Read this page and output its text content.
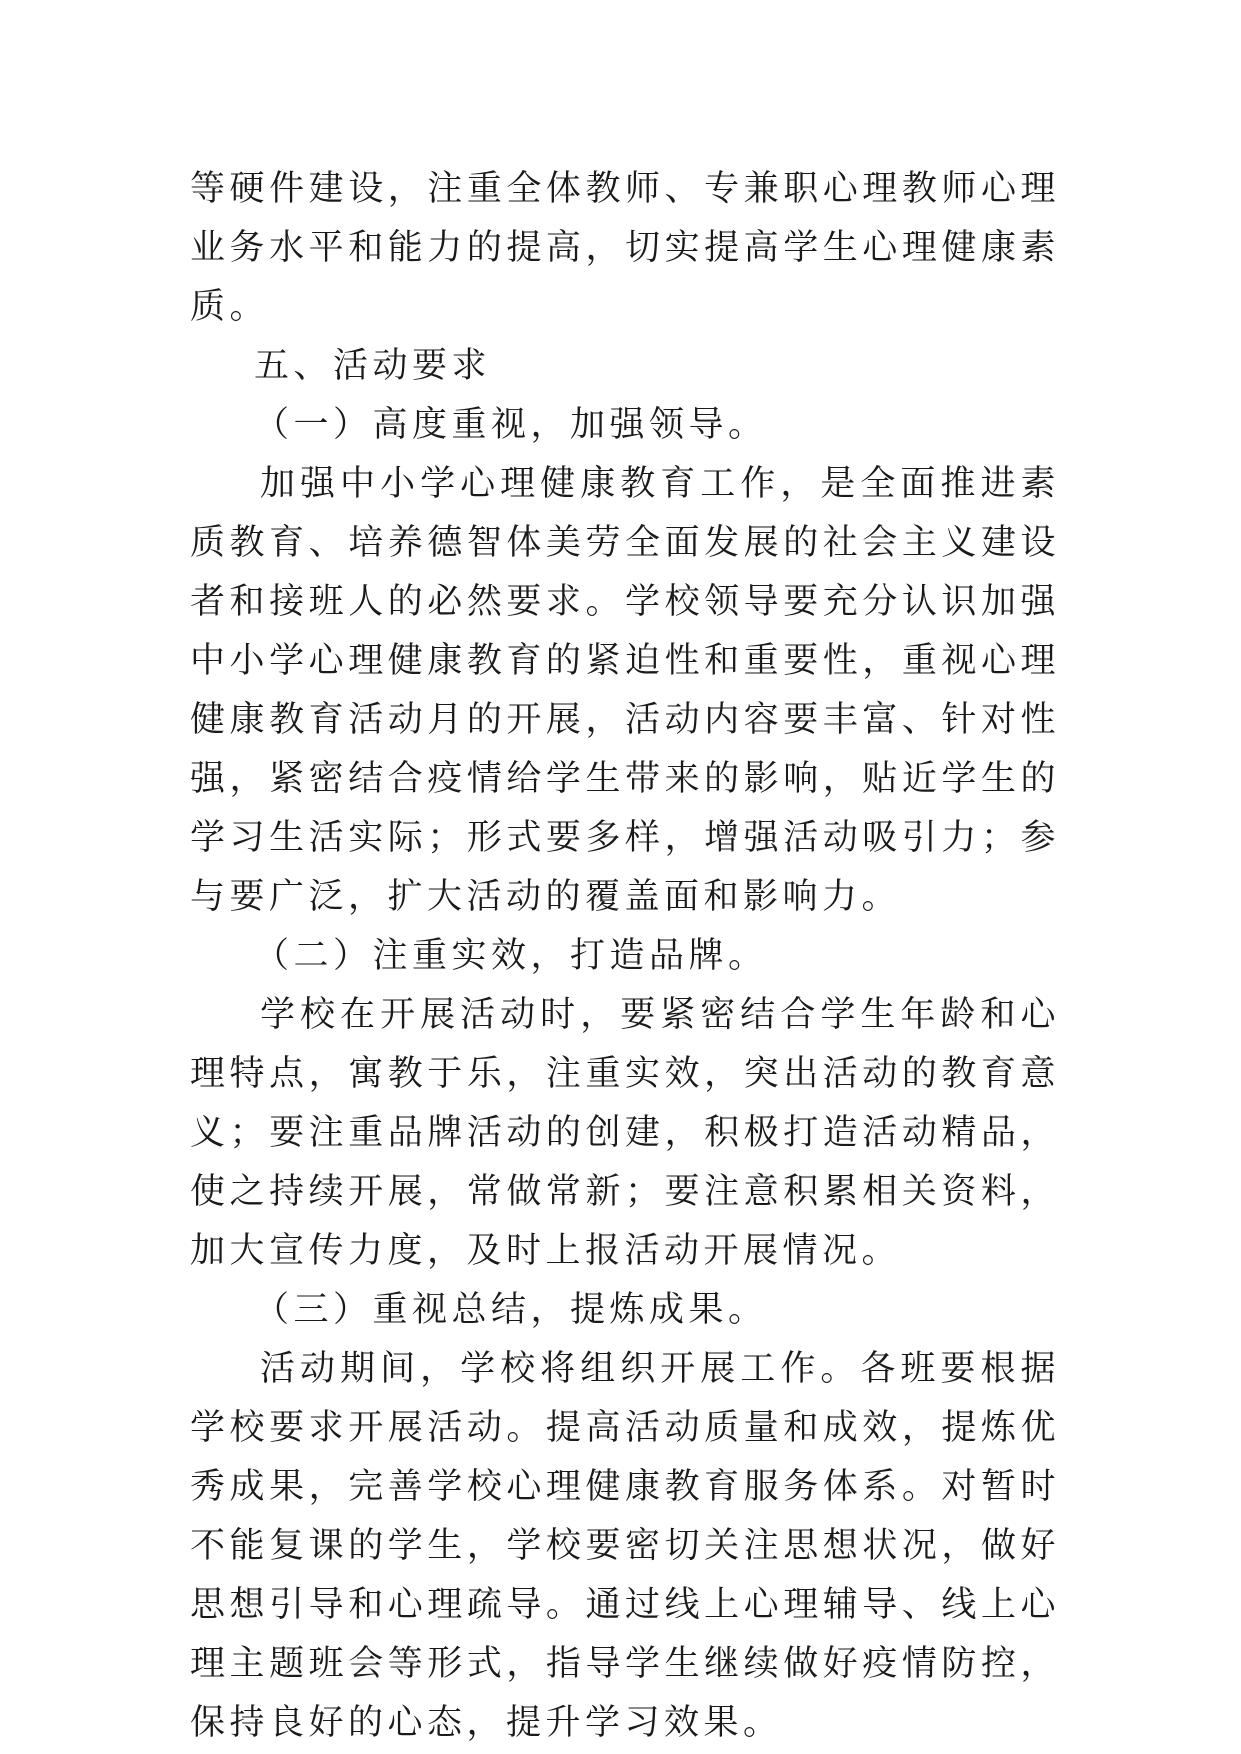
等硬件建设，注重全体教师、专兼职心理教师心理业务水平和能力的提高，切实提高学生心理健康素质。

五、活动要求

（一）高度重视，加强领导。

加强中小学心理健康教育工作，是全面推进素质教育、培养德智体美劳全面发展的社会主义建设者和接班人的必然要求。学校领导要充分认识加强中小学心理健康教育的紧迫性和重要性，重视心理健康教育活动月的开展，活动内容要丰富、针对性强，紧密结合疫情给学生带来的影响，贴近学生的学习生活实际；形式要多样，增强活动吸引力；参与要广泛，扩大活动的覆盖面和影响力。

（二）注重实效，打造品牌。

学校在开展活动时，要紧密结合学生年龄和心理特点，寓教于乐，注重实效，突出活动的教育意义；要注重品牌活动的创建，积极打造活动精品，使之持续开展，常做常新；要注意积累相关资料，加大宣传力度，及时上报活动开展情况。

（三）重视总结，提炼成果。

活动期间，学校将组织开展工作。各班要根据学校要求开展活动。提高活动质量和成效，提炼优秀成果，完善学校心理健康教育服务体系。对暂时不能复课的学生，学校要密切关注思想状况，做好思想引导和心理疏导。通过线上心理辅导、线上心理主题班会等形式，指导学生继续做好疫情防控，保持良好的心态，提升学习效果。
